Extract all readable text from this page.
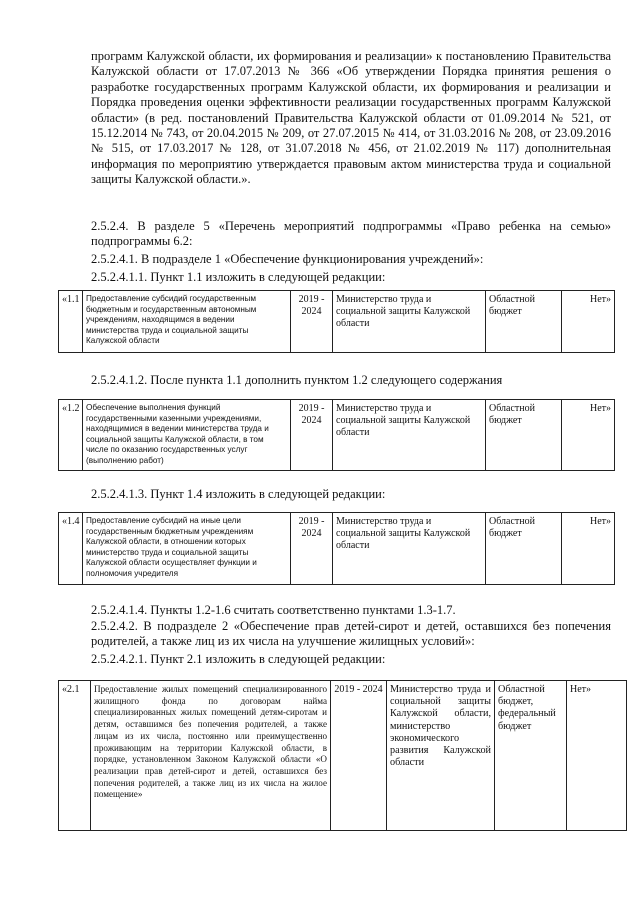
программ Калужской области, их формирования и реализации» к постановлению Правительства Калужской области от 17.07.2013 № 366 «Об утверждении Порядка принятия решения о разработке государственных программ Калужской области, их формирования и реализации и Порядка проведения оценки эффективности реализации государственных программ Калужской области» (в ред. постановлений Правительства Калужской области от 01.09.2014 № 521, от 15.12.2014 № 743, от 20.04.2015 № 209, от 27.07.2015 № 414, от 31.03.2016 № 208, от 23.09.2016 № 515, от 17.03.2017 № 128, от 31.07.2018 № 456, от 21.02.2019 № 117) дополнительная информация по мероприятию утверждается правовым актом министерства труда и социальной защиты Калужской области.».
2.5.2.4. В разделе 5 «Перечень мероприятий подпрограммы «Право ребенка на семью» подпрограммы 6.2:
2.5.2.4.1. В подразделе 1 «Обеспечение функционирования учреждений»:
2.5.2.4.1.1. Пункт 1.1 изложить в следующей редакции:
«1.1	Предоставление субсидий государственным бюджетным и государственным автономным учреждениям, находящимся в ведении министерства труда и социальной защиты Калужской области	2019 - 2024	Министерство труда и социальной защиты Калужской области	Областной бюджет	Нет»
2.5.2.4.1.2. После пункта 1.1 дополнить пунктом 1.2 следующего содержания
«1.2	Обеспечение выполнения функций государственными казенными учреждениями, находящимися в ведении министерства труда и социальной защиты Калужской области, в том числе по оказанию государственных услуг (выполнению работ)	2019 - 2024	Министерство труда и социальной защиты Калужской области	Областной бюджет	Нет»
2.5.2.4.1.3. Пункт 1.4 изложить в следующей редакции:
«1.4	Предоставление субсидий на иные цели государственным бюджетным учреждениям Калужской области, в отношении которых министерство труда и социальной защиты Калужской области осуществляет функции и полномочия учредителя	2019 - 2024	Министерство труда и социальной защиты Калужской области	Областной бюджет	Нет»
2.5.2.4.1.4. Пункты 1.2-1.6 считать соответственно пунктами 1.3-1.7.
2.5.2.4.2. В подразделе 2 «Обеспечение прав детей-сирот и детей, оставшихся без попечения родителей, а также лиц из их числа на улучшение жилищных условий»:
2.5.2.4.2.1. Пункт 2.1 изложить в следующей редакции:
«2.1	Предоставление жилых помещений специализированного жилищного фонда по договорам найма специализированных жилых помещений детям-сиротам и детям, оставшимся без попечения родителей, а также лицам из их числа, постоянно или преимущественно проживающим на территории Калужской области, в порядке, установленном Законом Калужской области «О реализации прав детей-сирот и детей, оставшихся без попечения родителей, а также лиц из их числа на жилое помещение»	2019 - 2024	Министерство труда и социальной защиты Калужской области, министерство экономического развития Калужской области	Областной бюджет, федеральный бюджет	Нет»
